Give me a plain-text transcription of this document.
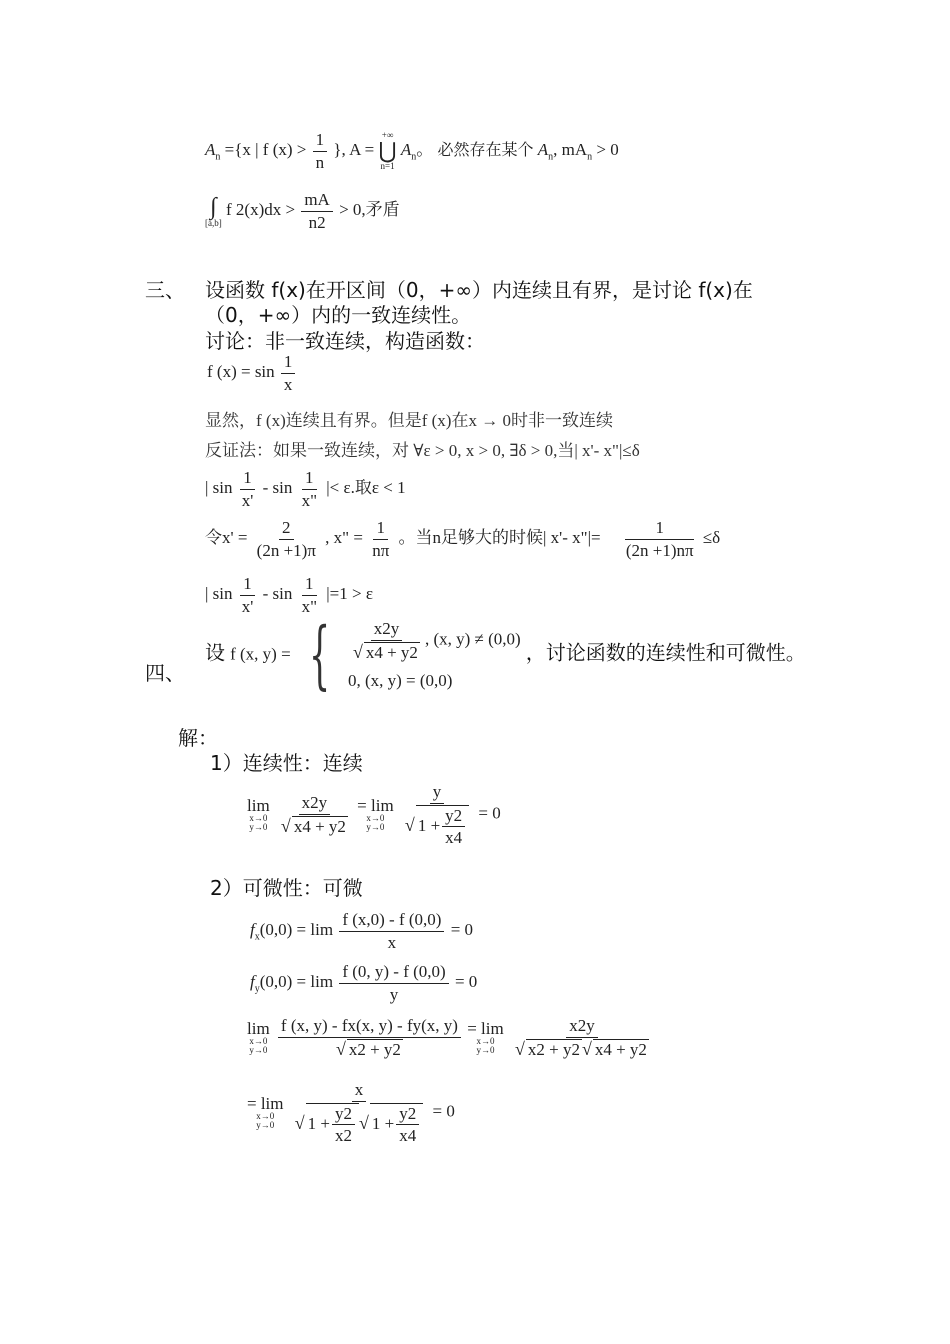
$A_n =\{x$ | f $(x) > \frac{1}{n}$ }, A =
+∞
⋃
n=1
$A_n$。 必然存在某个 $A_n$, $mA_n > 0$
∫
[a,b]
f $2(x)dx > \frac{mA}{n2} > 0$,矛盾
三、 设函数 f(x)在开区间（0，+∞）内连续且有界，是讨论 f(x)在
（0，+∞）内的一致连续性。
讨论：非一致连续，构造函数：
f $(x) = \sin \frac{1}{x}$
显然，f (x)连续且有界。但是f (x)在x → 0时非一致连续
反证法：如果一致连续，对 ∀ε > 0, x > 0, ∃δ > 0,当| x'- x"|≤δ
| $\sin \frac{1}{x'}$ - $\sin \frac{1}{x"}$ |< ε.取ε < 1
令$x' = \frac{2}{(2n +1)\pi}$ , x" = $\frac{1}{n\pi}$ 。当n足够大的时候| x'- x"|= $\frac{1}{(2n +1)n\pi} \le\delta$
| $\sin \frac{1}{x'} - \sin \frac{1}{x"} |=1 > \varepsilon$
四、
设 f (x, y) = { $\frac{x2y}{√ x4 + y2}$ , (x, y) ≠ (0,0)
0, (x, y) = (0,0)
，讨论函数的连续性和可微性。
解：
1）连续性：连续
lim
x→0
y→0
$\frac{x2y}{√ x4 + y2}$
= lim
x→0
y→0
$\frac{y}{√ 1 + \frac{y2}{x4}} = 0$
2）可微性：可微
$f_x(0,0) = \lim \frac{f (x,0) - f (0,0)}{x} = 0$
$f_y(0,0) = \lim \frac{f (0, y) - f (0,0)}{y} = 0$
lim
x→0
y→0
$\frac{f (x, y) - fx(x, y) - fy(x, y)}{√ x2 + y2}$
= lim
x→0
y→0
$\frac{x2y}{√ x2 + y2 √ x4 + y2}$
= lim
x→0
y→0
$\frac{x}{√ 1 + \frac{y2}{x2} √ 1 + \frac{y2}{x4}} = 0$
